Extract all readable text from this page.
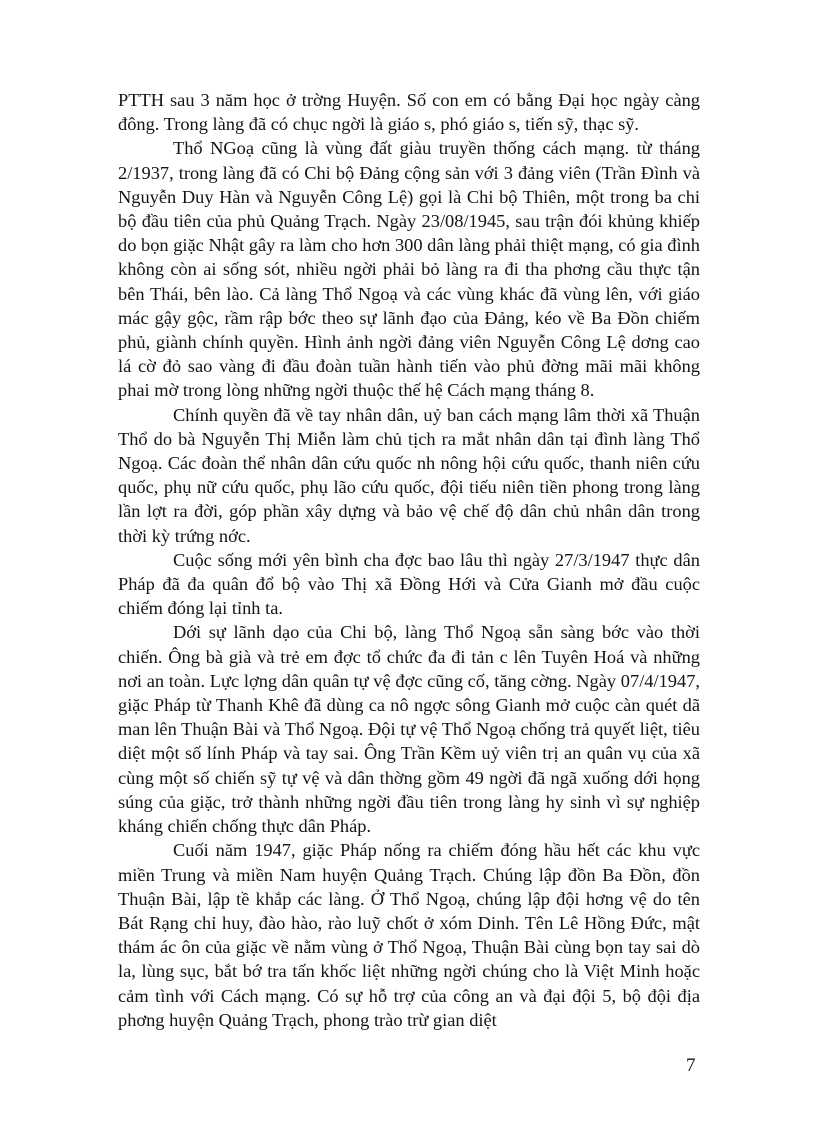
PTTH sau 3 năm học ở trờng Huyện. Số con em có bằng Đại học ngày càng đông. Trong làng đã có chục ngời là giáo s, phó giáo s, tiến sỹ, thạc sỹ.

Thổ NGoạ cũng là vùng đất giàu truyền thống cách mạng. từ tháng 2/1937, trong làng đã có Chi bộ Đảng cộng sản với 3 đảng viên (Trần Đình và Nguyễn Duy Hàn và Nguyễn Công Lệ) gọi là Chi bộ Thiên, một trong ba chi bộ đầu tiên của phủ Quảng Trạch. Ngày 23/08/1945, sau trận đói khủng khiếp do bọn giặc Nhật gây ra làm cho hơn 300 dân làng phải thiệt mạng, có gia đình không còn ai sống sót, nhiều ngời phải bỏ làng ra đi tha phơng cầu thực tận bên Thái, bên lào. Cả làng Thổ Ngoạ và các vùng khác đã vùng lên, với giáo mác gậy gộc, rầm rập bớc theo sự lãnh đạo của Đảng, kéo về Ba Đồn chiếm phủ, giành chính quyền. Hình ảnh ngời đảng viên Nguyễn Công Lệ dơng cao lá cờ đỏ sao vàng đi đầu đoàn tuần hành tiến vào phủ đờng mãi mãi không phai mờ trong lòng những ngời thuộc thế hệ Cách mạng tháng 8.

Chính quyền đã về tay nhân dân, uỷ ban cách mạng lâm thời xã Thuận Thổ do bà Nguyễn Thị Miễn làm chủ tịch ra mắt nhân dân tại đình làng Thổ Ngoạ. Các đoàn thể nhân dân cứu quốc nh nông hội cứu quốc, thanh niên cứu quốc, phụ nữ cứu quốc, phụ lão cứu quốc, đội tiếu niên tiền phong trong làng lần lợt ra đời, góp phần xây dựng và bảo vệ chế độ dân chủ nhân dân trong thời kỳ trứng nớc.

Cuộc sống mới yên bình cha đợc bao lâu thì ngày 27/3/1947 thực dân Pháp đã đa quân đổ bộ vào Thị xã Đồng Hới và Cửa Gianh mở đầu cuộc chiếm đóng lại tỉnh ta.

Dới sự lãnh dạo của Chi bộ, làng Thổ Ngoạ sẵn sàng bớc vào thời chiến. Ông bà già và trẻ em đợc tổ chức đa đi tản c lên Tuyên Hoá và những nơi an toàn. Lực lợng dân quân tự vệ đợc cũng cố, tăng cờng. Ngày 07/4/1947, giặc Pháp từ Thanh Khê đã dùng ca nô ngợc sông Gianh mở cuộc càn quét dã man lên Thuận Bài và Thổ Ngoạ. Đội tự vệ Thổ Ngoạ chống trả quyết liệt, tiêu diệt một số lính Pháp và tay sai. Ông Trần Kềm uỷ viên trị an quân vụ của xã cùng một số chiến sỹ tự vệ và dân thờng gồm 49 ngời đã ngã xuống dới họng súng của giặc, trở thành những ngời đầu tiên trong làng hy sinh vì sự nghiệp kháng chiến chống thực dân Pháp.

Cuối năm 1947, giặc Pháp nống ra chiếm đóng hầu hết các khu vực miền Trung và miền Nam huyện Quảng Trạch. Chúng lập đồn Ba Đồn, đồn Thuận Bài, lập tề khắp các làng. Ở Thổ Ngoạ, chúng lập đội hơng vệ do tên Bát Rạng chỉ huy, đào hào, rào luỹ chốt ở xóm Dinh. Tên Lê Hồng Đức, mật thám ác ôn của giặc về nằm vùng ở Thổ Ngoạ, Thuận Bài cùng bọn tay sai dò la, lùng sục, bắt bớ tra tấn khốc liệt những ngời chúng cho là Việt Minh hoặc cảm tình với Cách mạng. Có sự hỗ trợ của công an và đại đội 5, bộ đội địa phơng huyện Quảng Trạch, phong trào trừ gian diệt

7
